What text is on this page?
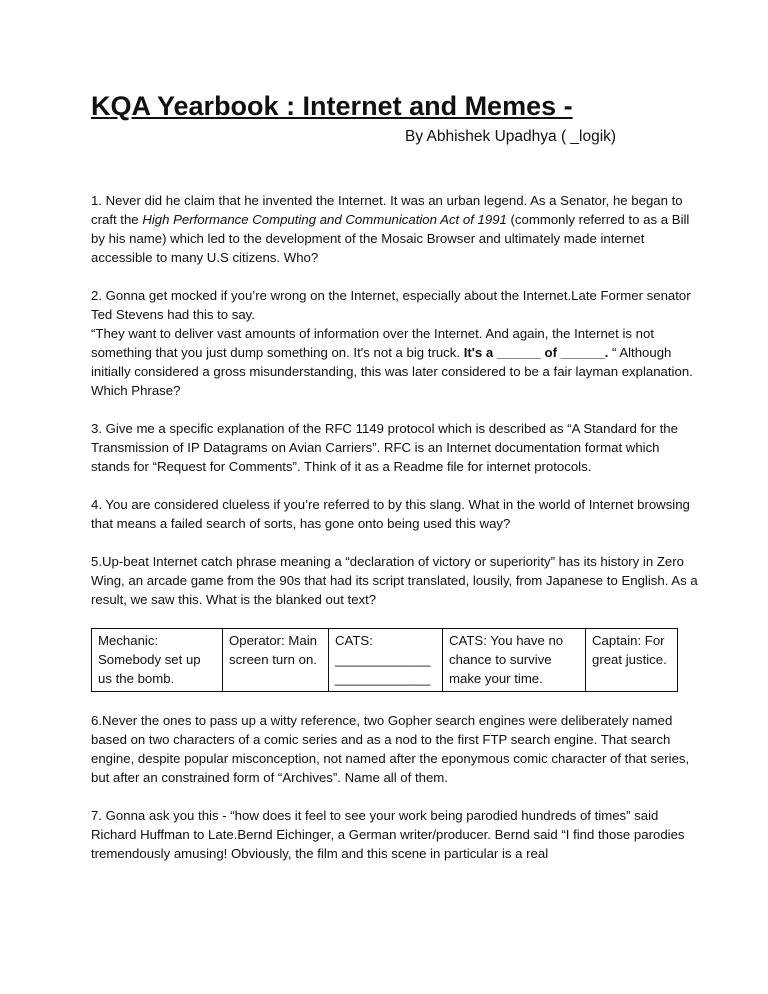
KQA Yearbook : Internet and Memes -
By Abhishek Upadhya ( _logik)

1. Never did he claim that he invented the Internet. It was an urban legend. As a Senator, he began to craft the High Performance Computing and Communication Act of 1991 (commonly referred to as a Bill by his name) which led to the development of the Mosaic Browser and ultimately made internet accessible to many U.S citizens. Who?

2. Gonna get mocked if you’re wrong on the Internet, especially about the Internet.Late Former senator Ted Stevens had this to say.
“They want to deliver vast amounts of information over the Internet. And again, the Internet is not something that you just dump something on. It's not a big truck. It's a ______ of ______. “ Although initially considered a gross misunderstanding, this was later considered to be a fair layman explanation. Which Phrase?

3. Give me a specific explanation of the RFC 1149 protocol which is described as “A Standard for the Transmission of IP Datagrams on Avian Carriers”. RFC is an Internet documentation format which stands for “Request for Comments”. Think of it as a Readme file for internet protocols.

4. You are considered clueless if you’re referred to by this slang. What in the world of Internet browsing that means a failed search of sorts, has gone onto being used this way?

5.Up-beat Internet catch phrase meaning a “declaration of victory or superiority” has its history in Zero Wing, an arcade game from the 90s that had its script translated, lousily, from Japanese to English. As a result, we saw this. What is the blanked out text?

Mechanic: Somebody set up us the bomb.	Operator: Main screen turn on.	CATS: _____________ _____________	CATS: You have no chance to survive make your time.	Captain: For great justice.

6.Never the ones to pass up a witty reference, two Gopher search engines were deliberately named based on two characters of a comic series and as a nod to the first FTP search engine. That search engine, despite popular misconception, not named after the eponymous comic character of that series, but after an constrained form of “Archives”. Name all of them.

7. Gonna ask you this - “how does it feel to see your work being parodied hundreds of times” said Richard Huffman to Late.Bernd Eichinger, a German writer/producer. Bernd said “I find those parodies tremendously amusing! Obviously, the film and this scene in particular is a real
